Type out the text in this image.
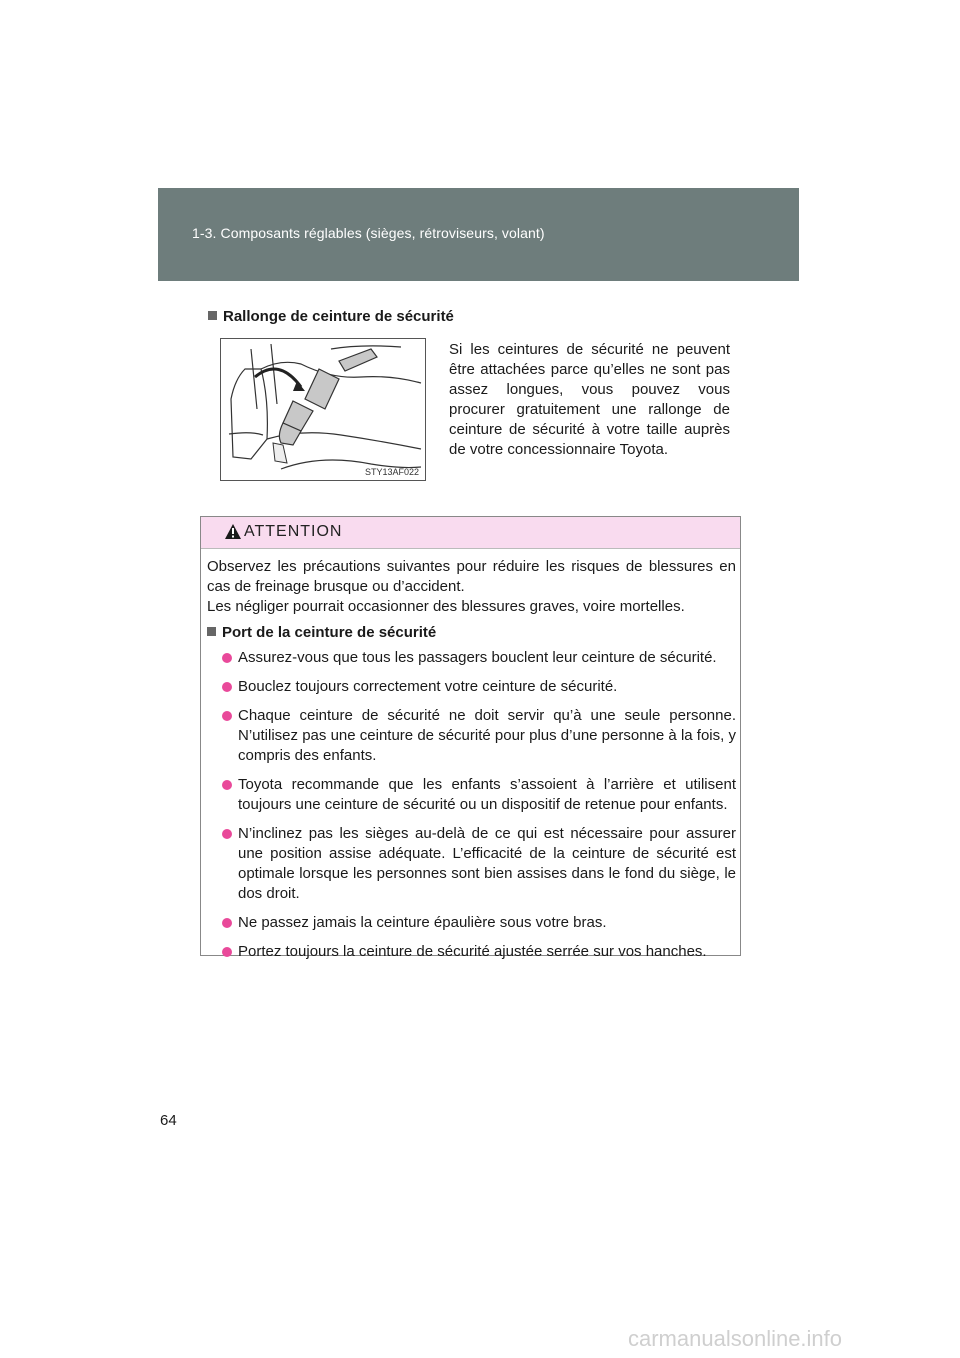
1-3. Composants réglables (sièges, rétroviseurs, volant)
Rallonge de ceinture de sécurité
STY13AF022
Si les ceintures de sécurité ne peuvent être attachées parce qu’elles ne sont pas assez longues, vous pouvez vous procurer gratuitement une rallonge de ceinture de sécurité à votre taille auprès de votre concessionnaire Toyota.
ATTENTION

Observez les précautions suivantes pour réduire les risques de blessures en cas de freinage brusque ou d’accident.

Les négliger pourrait occasionner des blessures graves, voire mortelles.

Port de la ceinture de sécurité

Assurez-vous que tous les passagers bouclent leur ceinture de sécurité.

Bouclez toujours correctement votre ceinture de sécurité.

Chaque ceinture de sécurité ne doit servir qu’à une seule personne. N’utilisez pas une ceinture de sécurité pour plus d’une personne à la fois, y compris des enfants.

Toyota recommande que les enfants s’assoient à l’arrière et utilisent toujours une ceinture de sécurité ou un dispositif de retenue pour enfants.

N’inclinez pas les sièges au-delà de ce qui est nécessaire pour assurer une position assise adéquate. L’efficacité de la ceinture de sécurité est optimale lorsque les personnes sont bien assises dans le fond du siège, le dos droit.

Ne passez jamais la ceinture épaulière sous votre bras.

Portez toujours la ceinture de sécurité ajustée serrée sur vos hanches.

64
carmanualsonline.info
